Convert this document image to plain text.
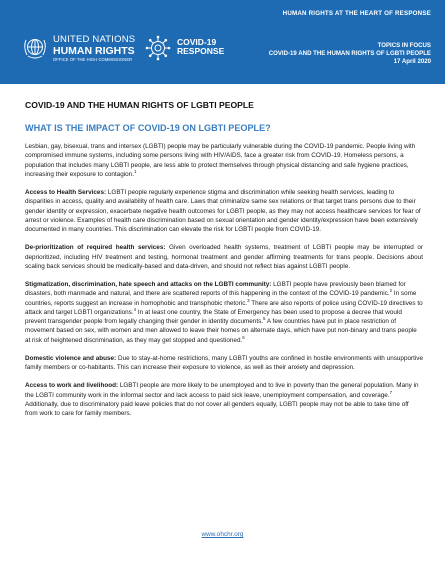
HUMAN RIGHTS AT THE HEART OF RESPONSE
UNITED NATIONS
HUMAN RIGHTS
OFFICE OF THE HIGH COMMISSIONER
COVID-19
RESPONSE
TOPICS IN FOCUS
COVID-19 AND THE HUMAN RIGHTS OF LGBTI PEOPLE
17 April 2020
COVID-19 AND THE HUMAN RIGHTS OF LGBTI PEOPLE
WHAT IS THE IMPACT OF COVID-19 ON LGBTI PEOPLE?

Lesbian, gay, bisexual, trans and intersex (LGBTI) people may be particularly vulnerable during the COVID-19 pandemic. People living with compromised immune systems, including some persons living with HIV/AIDS, face a greater risk from COVID-19. Homeless persons, a population that includes many LGBTI people, are less able to protect themselves through physical distancing and safe hygiene practices, increasing their exposure to contagion.$^1$

Access to Health Services: LGBTI people regularly experience stigma and discrimination while seeking health services, leading to disparities in access, quality and availability of health care. Laws that criminalize same sex relations or that target trans persons due to their gender identity or expression, exacerbate negative health outcomes for LGBTI people, as they may not access healthcare services for fear of arrest or violence. Examples of health care discrimination based on sexual orientation and gender identity/expression have been extensively documented in many countries. This discrimination can elevate the risk for LGBTI people from COVID-19.

De-prioritization of required health services: Given overloaded health systems, treatment of LGBTI people may be interrupted or deprioritized, including HIV treatment and testing, hormonal treatment and gender affirming treatments for trans people. Decisions about scaling back services should be medically-based and data-driven, and should not reflect bias against LGBTI people.

Stigmatization, discrimination, hate speech and attacks on the LGBTI community: LGBTI people have previously been blamed for disasters, both manmade and natural, and there are scattered reports of this happening in the context of the COVID-19 pandemic.$^2$ In some countries, reports suggest an increase in homophobic and transphobic rhetoric.$^3$ There are also reports of police using COVID-19 directives to attack and target LGBTI organizations.$^4$ In at least one country, the State of Emergency has been used to propose a decree that would prevent transgender people from legally changing their gender in identity documents.$^5$ A few countries have put in place restriction of movement based on sex, with women and men allowed to leave their homes on alternate days, which have put non-binary and trans people at risk of heightened discrimination, as they may get stopped and questioned.$^6$

Domestic violence and abuse: Due to stay-at-home restrictions, many LGBTI youths are confined in hostile environments with unsupportive family members or co-habitants. This can increase their exposure to violence, as well as their anxiety and depression.

Access to work and livelihood: LGBTI people are more likely to be unemployed and to live in poverty than the general population. Many in the LGBTI community work in the informal sector and lack access to paid sick leave, unemployment compensation, and coverage.$^7$ Additionally, due to discriminatory paid leave policies that do not cover all genders equally, LGBTI people may not be able to take time off from work to care for family members.

www.ohchr.org
